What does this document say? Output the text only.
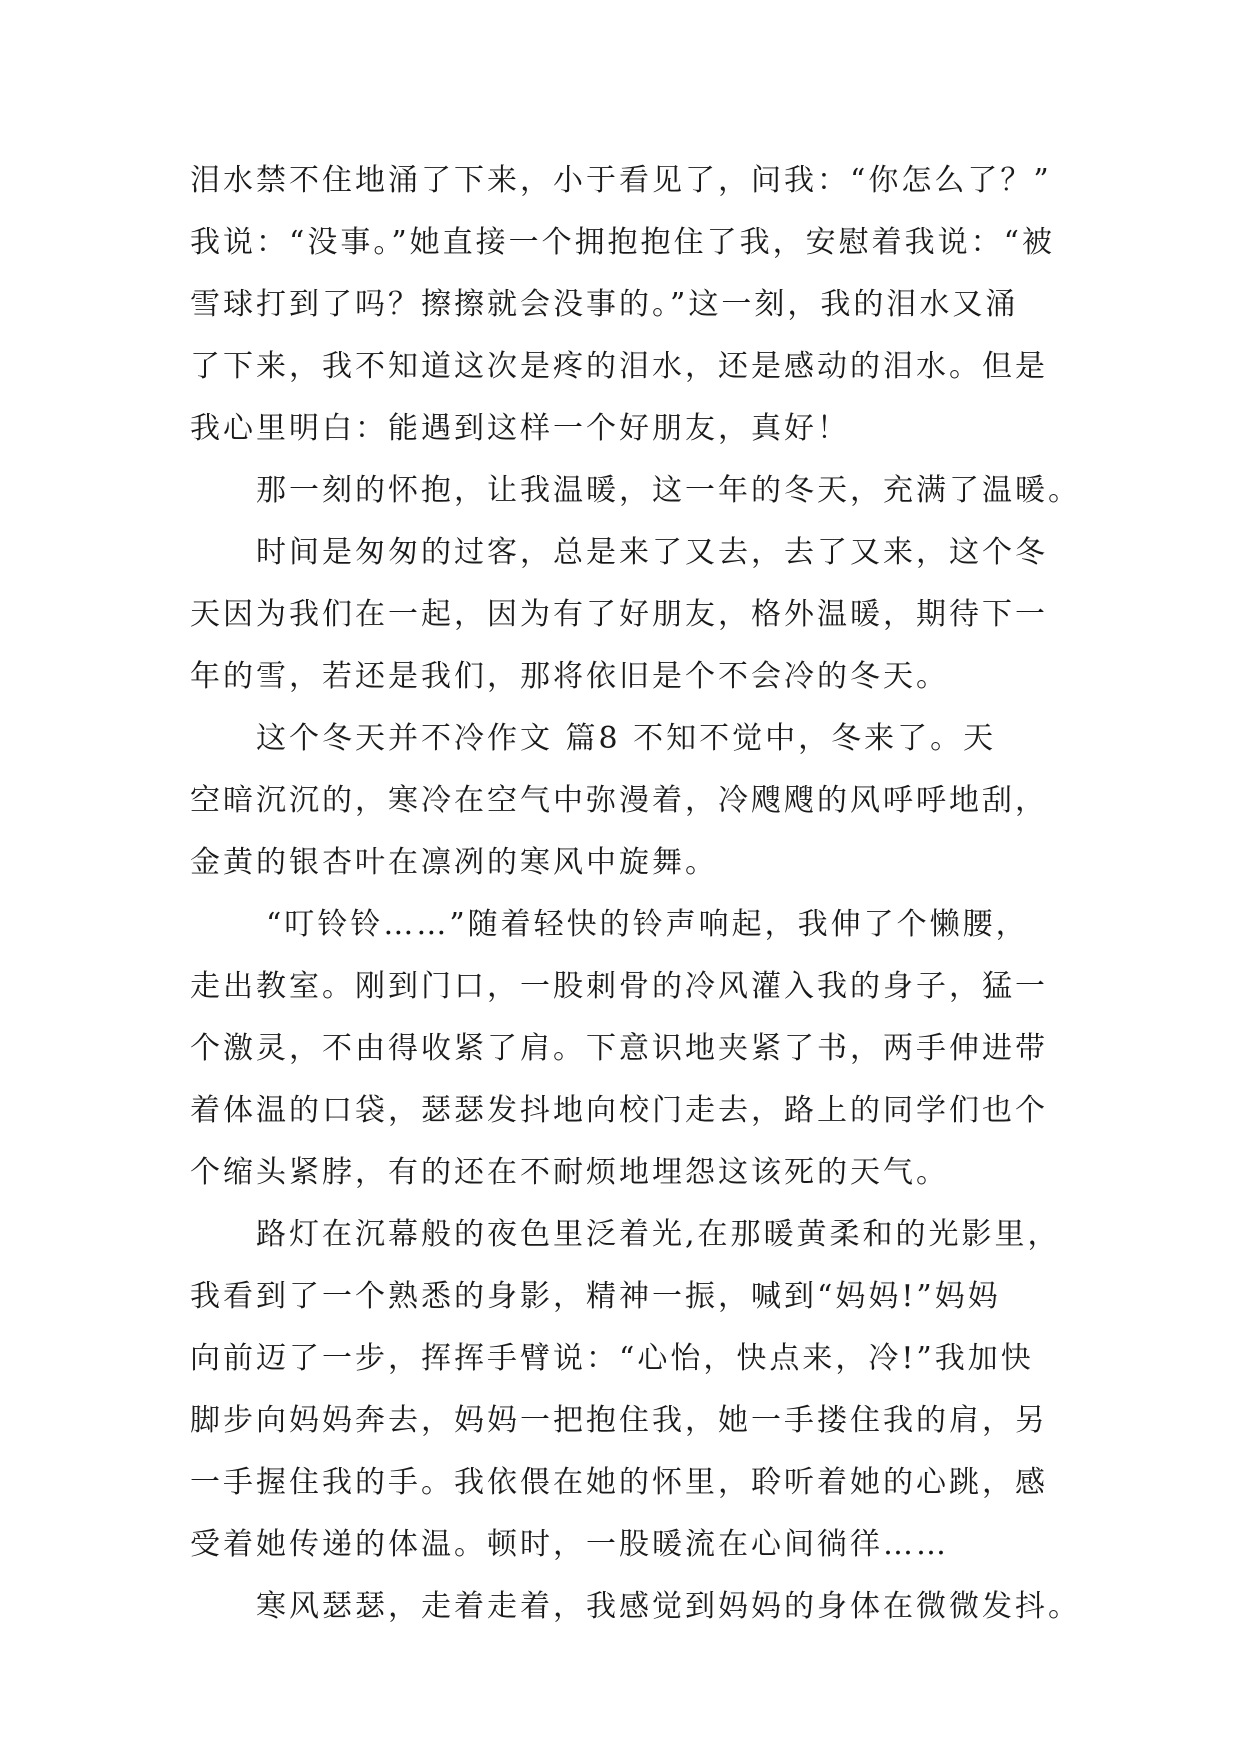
泪水禁不住地涌了下来，小于看见了，问我：“你怎么了？”
我说：“没事。”她直接一个拥抱抱住了我，安慰着我说：“被
雪球打到了吗？擦擦就会没事的。”这一刻，我的泪水又涌
了下来，我不知道这次是疼的泪水，还是感动的泪水。但是
我心里明白：能遇到这样一个好朋友，真好！
那一刻的怀抱，让我温暖，这一年的冬天，充满了温暖。
时间是匆匆的过客，总是来了又去，去了又来，这个冬
天因为我们在一起，因为有了好朋友，格外温暖，期待下一
年的雪，若还是我们，那将依旧是个不会冷的冬天。
这个冬天并不冷作文 篇8 不知不觉中，冬来了。天
空暗沉沉的，寒冷在空气中弥漫着，冷飕飕的风呼呼地刮，
金黄的银杏叶在凛冽的寒风中旋舞。
“叮铃铃……”随着轻快的铃声响起，我伸了个懒腰，
走出教室。刚到门口，一股刺骨的冷风灌入我的身子，猛一
个激灵，不由得收紧了肩。下意识地夹紧了书，两手伸进带
着体温的口袋，瑟瑟发抖地向校门走去，路上的同学们也个
个缩头紧脖，有的还在不耐烦地埋怨这该死的天气。
路灯在沉幕般的夜色里泛着光,在那暖黄柔和的光影里，
我看到了一个熟悉的身影，精神一振，喊到“妈妈!”妈妈
向前迈了一步，挥挥手臂说：“心怡，快点来，冷!”我加快
脚步向妈妈奔去，妈妈一把抱住我，她一手搂住我的肩，另
一手握住我的手。我依偎在她的怀里，聆听着她的心跳，感
受着她传递的体温。顿时，一股暖流在心间徜徉……
寒风瑟瑟，走着走着，我感觉到妈妈的身体在微微发抖。
